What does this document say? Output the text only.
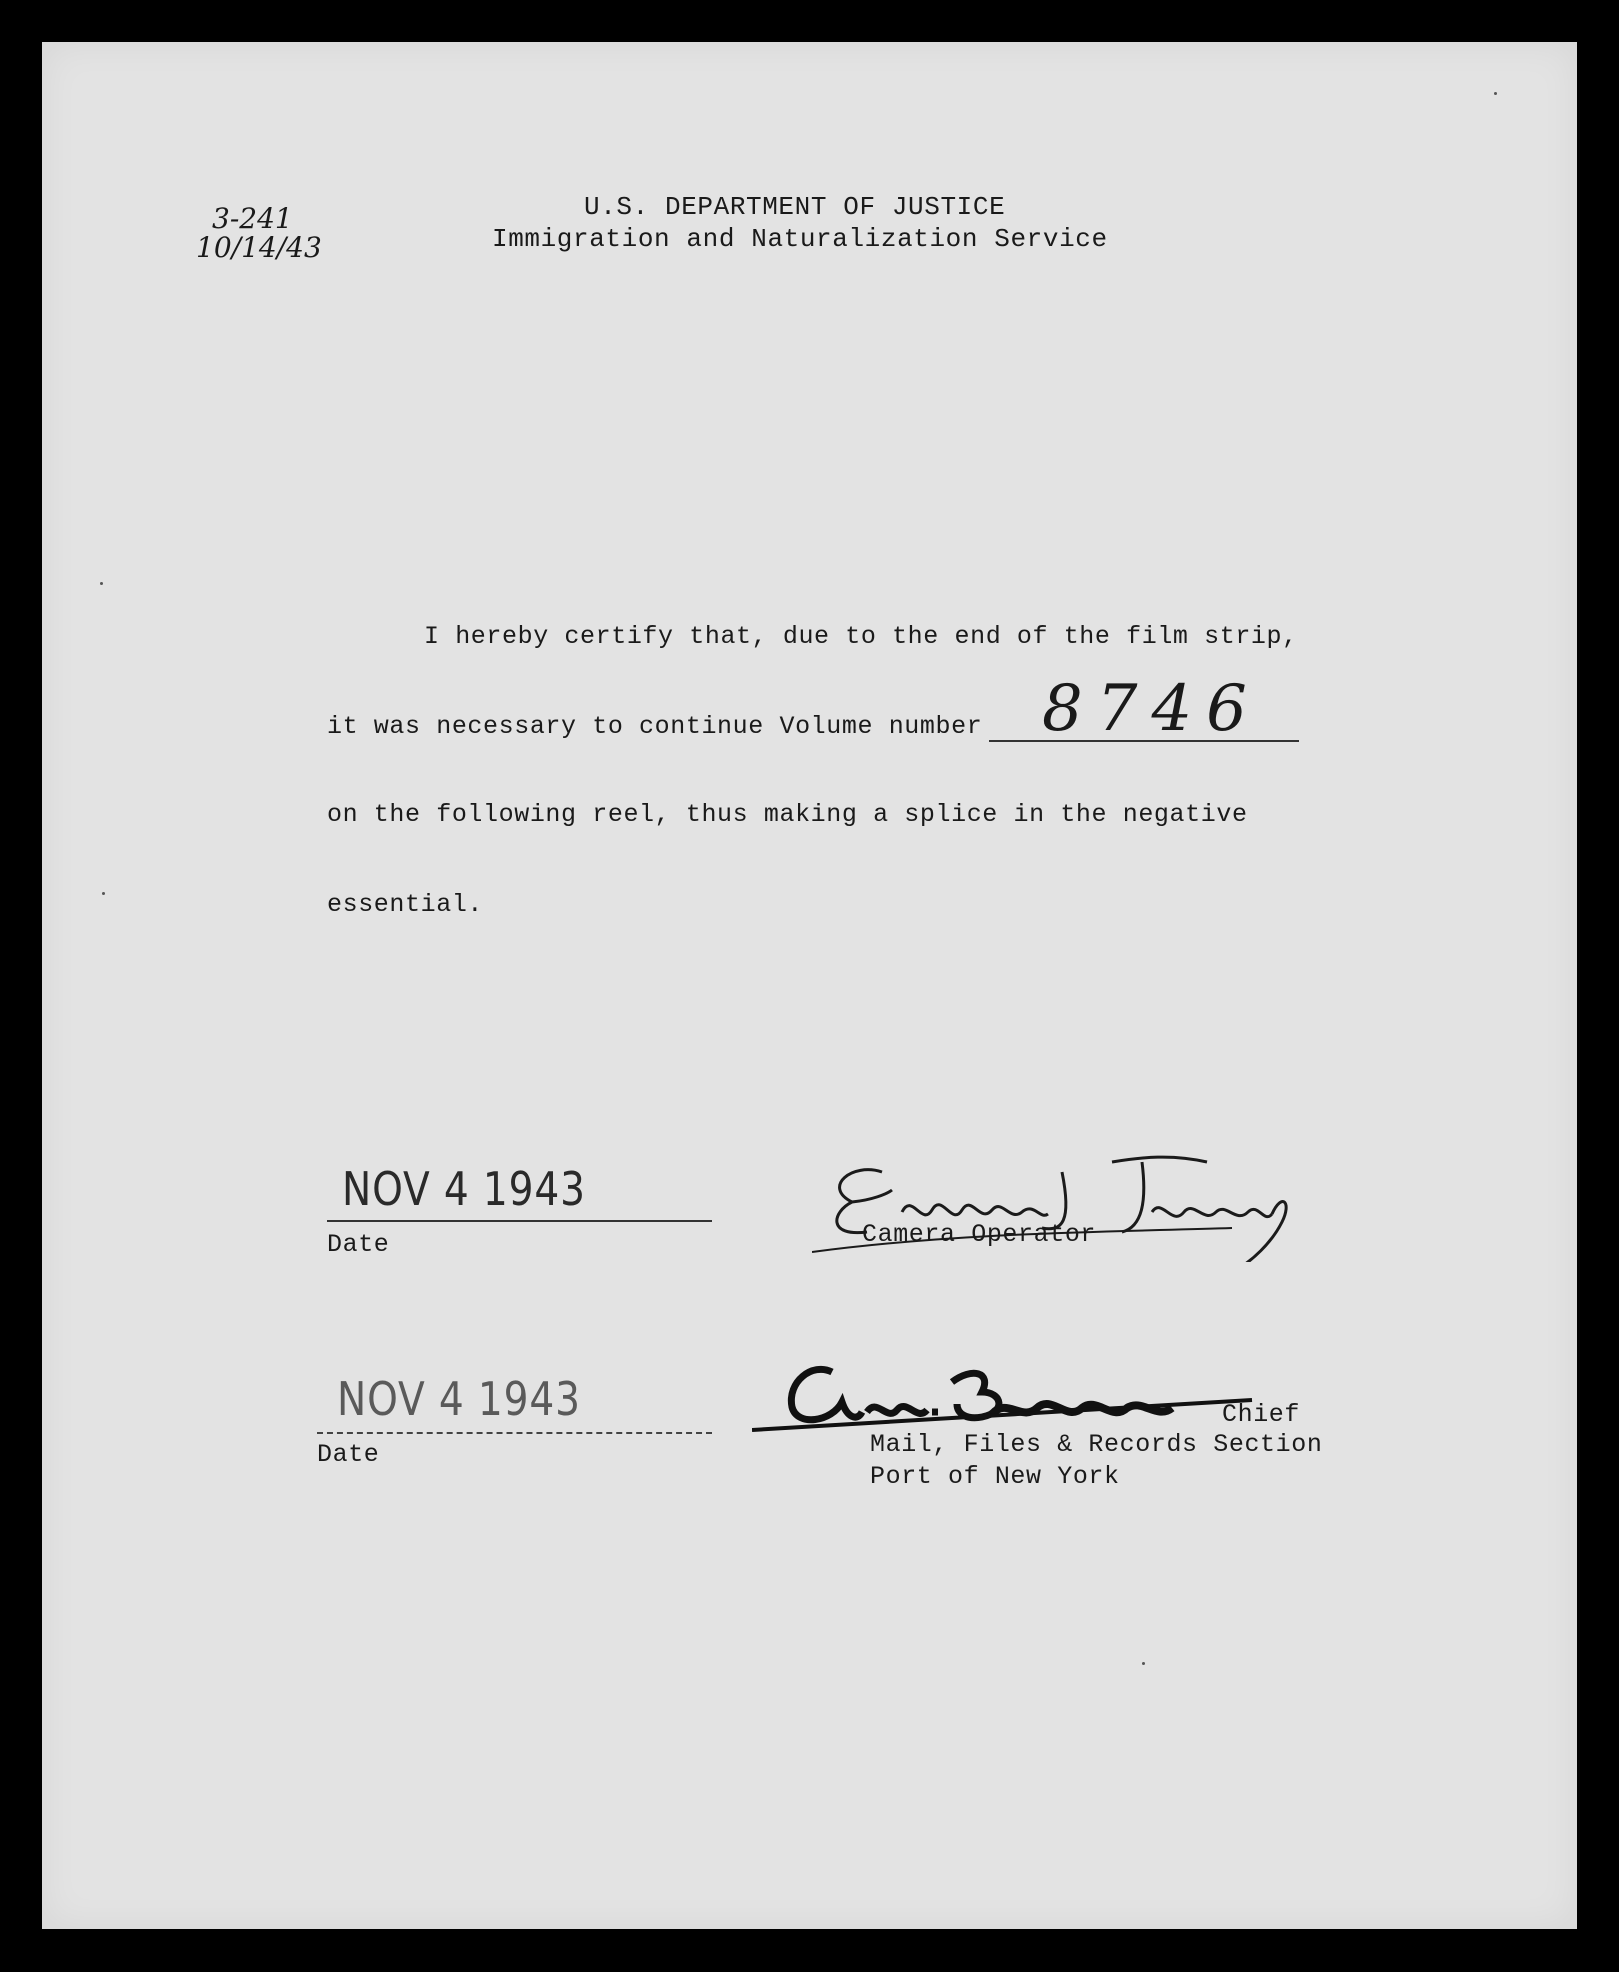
3-241
10/14/43
U.S. DEPARTMENT OF JUSTICE
Immigration and Naturalization Service
I hereby certify that, due to the end of the film strip,
it was necessary to continue Volume number 8746
on the following reel, thus making a splice in the negative
essential.
NOV 4 1943
Date	Camera Operator
NOV 4 1943
Date
Chief
Mail, Files & Records Section
Port of New York
